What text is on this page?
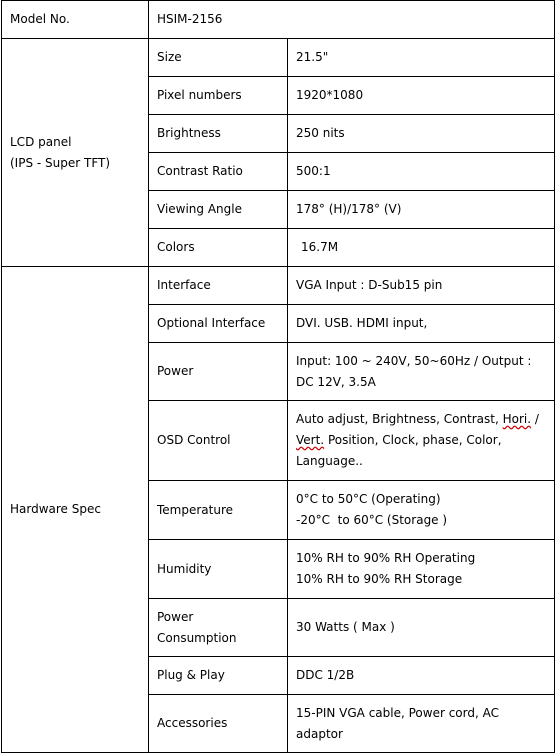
Model No.	HSIM-2156	

LCD panel
(IPS - Super TFT)	Size	21.5"
	Pixel numbers	1920*1080
	Brightness	250 nits
	Contrast Ratio	500:1
	Viewing Angle	178° (H)/178° (V)
	Colors	16.7M
Hardware Spec	Interface	VGA Input : D-Sub15 pin
	Optional Interface	DVI. USB. HDMI input,
	Power	Input: 100 ~ 240V, 50~60Hz / Output :
DC 12V, 3.5A

	OSD Control	Auto adjust, Brightness, Contrast, Hori. /
Vert. Position, Clock, phase, Color,
Language..

	Temperature	0°C to 50°C (Operating)
-20°C  to 60°C (Storage )

	Humidity	10% RH to 90% RH Operating
10% RH to 90% RH Storage

	Power
Consumption	30 Watts ( Max )
	Plug & Play	DDC 1/2B
	Accessories	15-PIN VGA cable, Power cord, AC
adaptor
